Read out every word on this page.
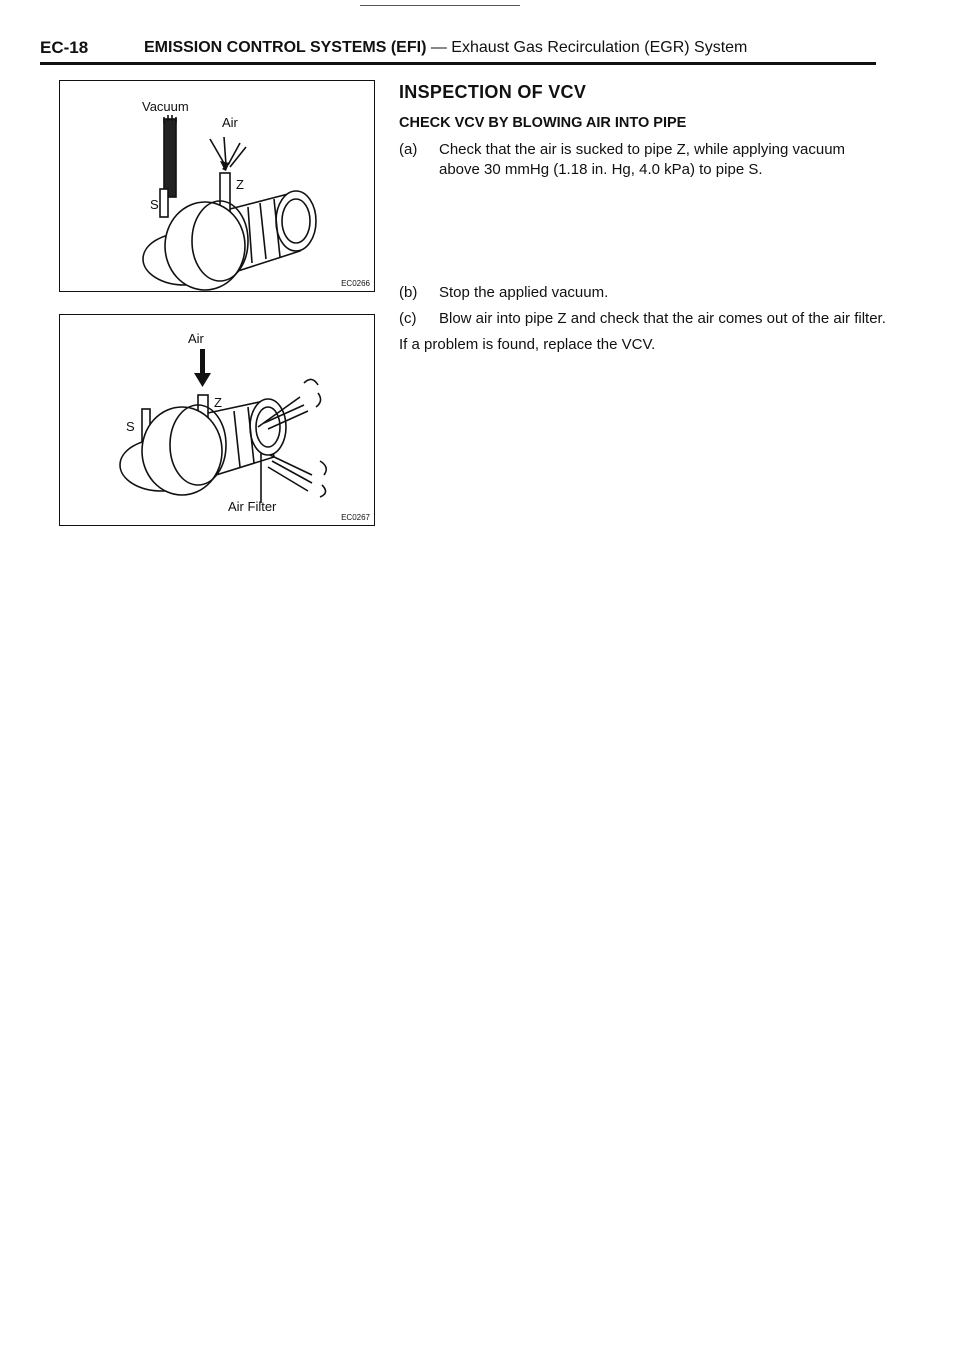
EC-18	EMISSION CONTROL SYSTEMS (EFI) — Exhaust Gas Recirculation (EGR) System
Vacuum
Air
S
Z
EC0266
Air
S
Z
Air Filter
EC0267
INSPECTION OF VCV
CHECK VCV BY BLOWING AIR INTO PIPE
(a) Check that the air is sucked to pipe Z, while applying vacuum above 30 mmHg (1.18 in. Hg, 4.0 kPa) to pipe S.
(b) Stop the applied vacuum.
(c) Blow air into pipe Z and check that the air comes out of the air filter.
If a problem is found, replace the VCV.
